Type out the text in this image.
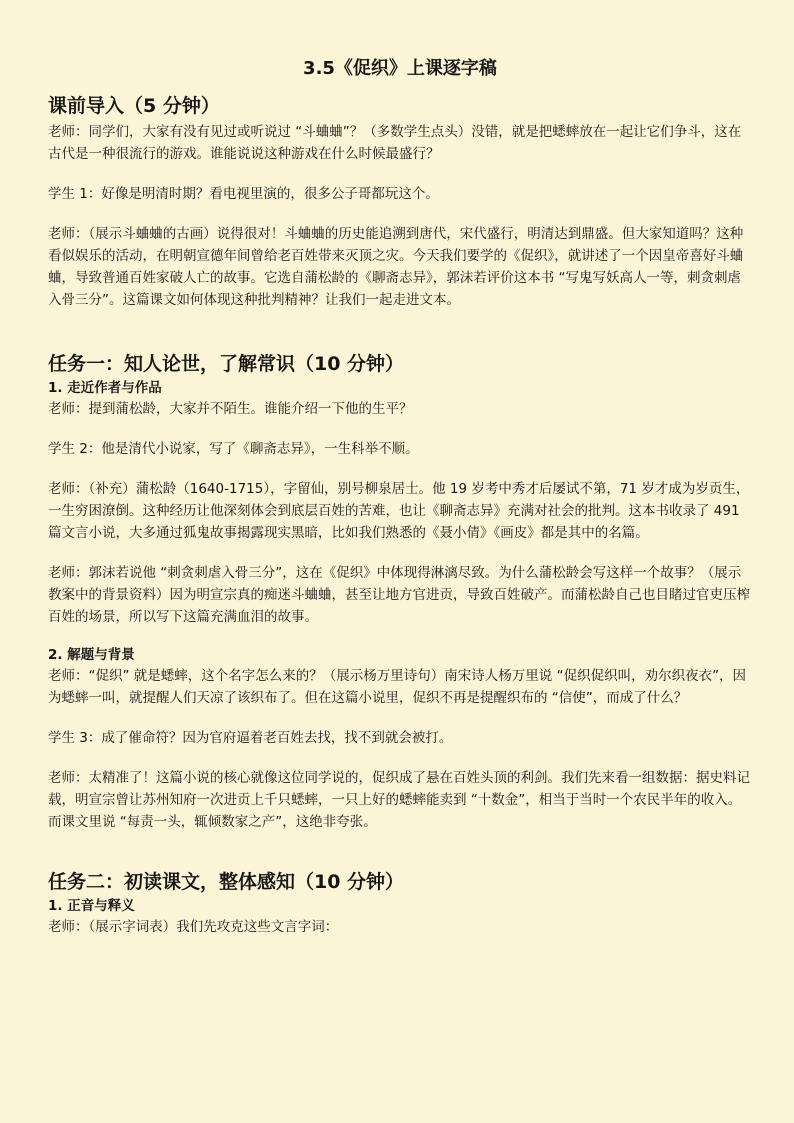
3.5《促织》上课逐字稿
课前导入（5 分钟）

老师：同学们，大家有没有见过或听说过 “斗蛐蛐”？（多数学生点头）没错，就是把蟋蟀放在一起让它们争斗，这在古代是一种很流行的游戏。谁能说说这种游戏在什么时候最盛行？

学生 1：好像是明清时期？看电视里演的，很多公子哥都玩这个。

老师：（展示斗蛐蛐的古画）说得很对！斗蛐蛐的历史能追溯到唐代，宋代盛行，明清达到鼎盛。但大家知道吗？这种看似娱乐的活动，在明朝宣德年间曾给老百姓带来灭顶之灾。今天我们要学的《促织》，就讲述了一个因皇帝喜好斗蛐蛐，导致普通百姓家破人亡的故事。它选自蒲松龄的《聊斋志异》，郭沫若评价这本书 “写鬼写妖高人一等，刺贪刺虐入骨三分”。这篇课文如何体现这种批判精神？让我们一起走进文本。

任务一：知人论世，了解常识（10 分钟）
1. 走近作者与作品

老师：提到蒲松龄，大家并不陌生。谁能介绍一下他的生平？

学生 2：他是清代小说家，写了《聊斋志异》，一生科举不顺。

老师：（补充）蒲松龄（1640-1715），字留仙，别号柳泉居士。他 19 岁考中秀才后屡试不第，71 岁才成为岁贡生，一生穷困潦倒。这种经历让他深刻体会到底层百姓的苦难，也让《聊斋志异》充满对社会的批判。这本书收录了 491 篇文言小说，大多通过狐鬼故事揭露现实黑暗，比如我们熟悉的《聂小倩》《画皮》都是其中的名篇。

老师：郭沫若说他 “刺贪刺虐入骨三分”，这在《促织》中体现得淋漓尽致。为什么蒲松龄会写这样一个故事？（展示教案中的背景资料）因为明宣宗真的痴迷斗蛐蛐，甚至让地方官进贡，导致百姓破产。而蒲松龄自己也目睹过官吏压榨百姓的场景，所以写下这篇充满血泪的故事。

2. 解题与背景

老师：“促织” 就是蟋蟀，这个名字怎么来的？（展示杨万里诗句）南宋诗人杨万里说 “促织促织叫，劝尔织夜衣”，因为蟋蟀一叫，就提醒人们天凉了该织布了。但在这篇小说里，促织不再是提醒织布的 “信使”，而成了什么？

学生 3：成了催命符？因为官府逼着老百姓去找，找不到就会被打。

老师：太精准了！这篇小说的核心就像这位同学说的，促织成了悬在百姓头顶的利剑。我们先来看一组数据：据史料记载，明宣宗曾让苏州知府一次进贡上千只蟋蟀，一只上好的蟋蟀能卖到 “十数金”，相当于当时一个农民半年的收入。而课文里说 “每责一头，辄倾数家之产”，这绝非夸张。

任务二：初读课文，整体感知（10 分钟）
1. 正音与释义

老师：（展示字词表）我们先攻克这些文言字词：
